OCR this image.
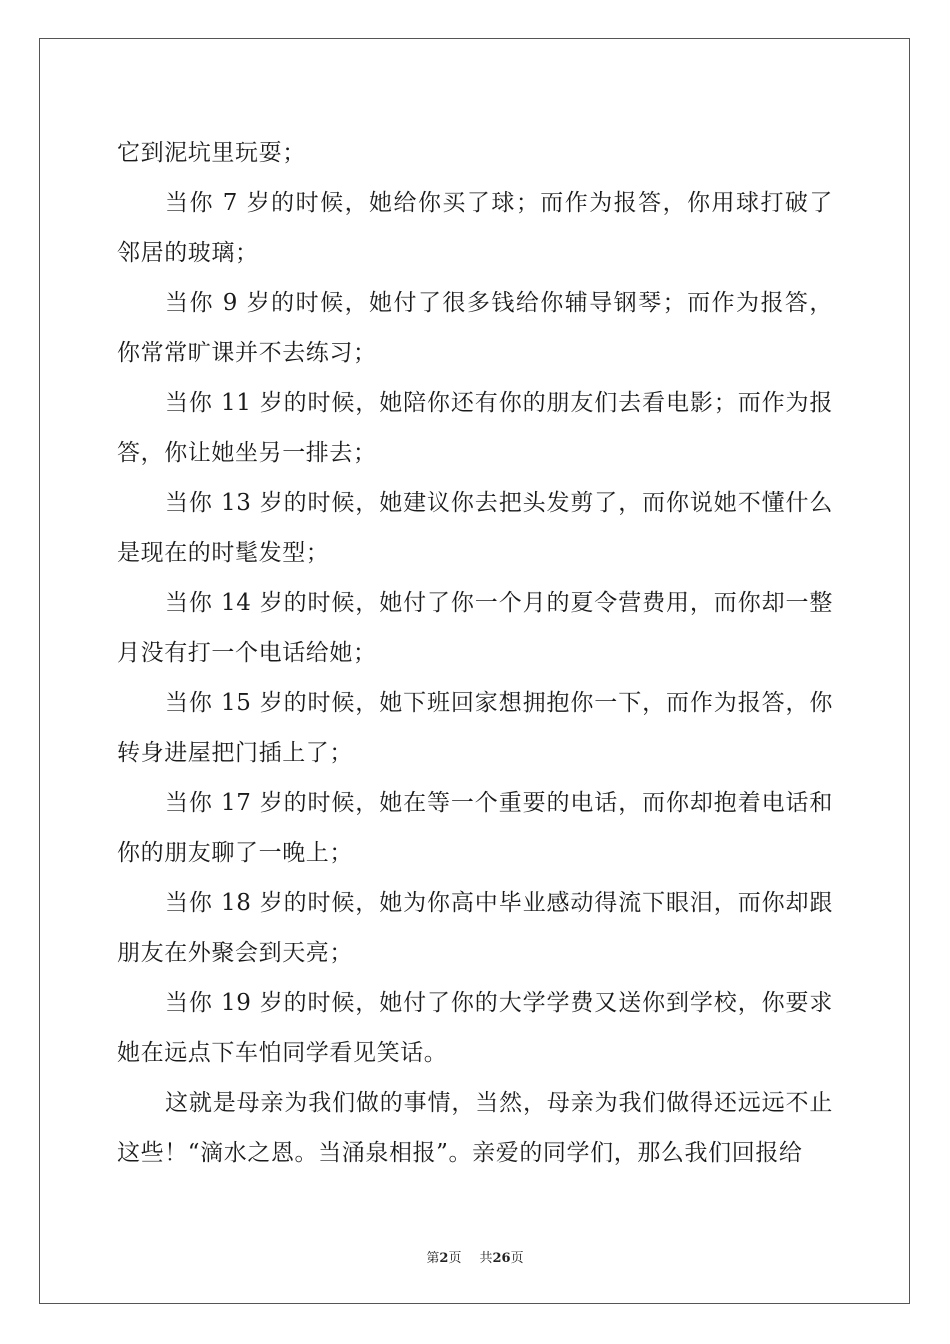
它到泥坑里玩耍；

当你 7 岁的时候，她给你买了球；而作为报答，你用球打破了邻居的玻璃；

当你 9 岁的时候，她付了很多钱给你辅导钢琴；而作为报答，你常常旷课并不去练习；

当你 11 岁的时候，她陪你还有你的朋友们去看电影；而作为报答，你让她坐另一排去；

当你 13 岁的时候，她建议你去把头发剪了，而你说她不懂什么是现在的时髦发型；

当你 14 岁的时候，她付了你一个月的夏令营费用，而你却一整月没有打一个电话给她；

当你 15 岁的时候，她下班回家想拥抱你一下，而作为报答，你转身进屋把门插上了；

当你 17 岁的时候，她在等一个重要的电话，而你却抱着电话和你的朋友聊了一晚上；

当你 18 岁的时候，她为你高中毕业感动得流下眼泪，而你却跟朋友在外聚会到天亮；

当你 19 岁的时候，她付了你的大学学费又送你到学校，你要求她在远点下车怕同学看见笑话。

这就是母亲为我们做的事情，当然，母亲为我们做得还远远不止这些！“滴水之恩。当涌泉相报”。亲爱的同学们，那么我们回报给

第2页 共26页
